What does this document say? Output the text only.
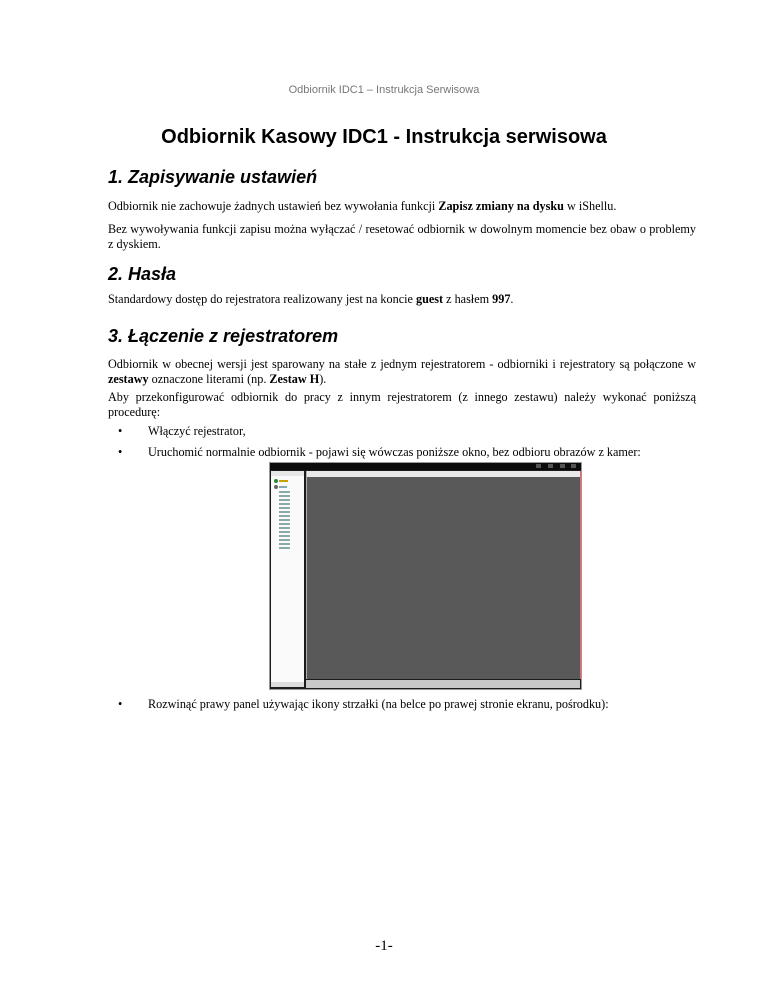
Odbiornik IDC1 – Instrukcja Serwisowa
Odbiornik Kasowy IDC1 - Instrukcja serwisowa
1. Zapisywanie ustawień

Odbiornik nie zachowuje żadnych ustawień bez wywołania funkcji Zapisz zmiany na dysku w iShellu.

Bez wywoływania funkcji zapisu można wyłączać / resetować odbiornik w dowolnym momencie bez obaw o problemy z dyskiem.

2. Hasła

Standardowy dostęp do rejestratora realizowany jest na koncie guest z hasłem 997.

3. Łączenie z rejestratorem

Odbiornik w obecnej wersji jest sparowany na stałe z jednym rejestratorem - odbiorniki i rejestratory są połączone w zestawy oznaczone literami (np. Zestaw H).

Aby przekonfigurować odbiornik do pracy z innym rejestratorem (z innego zestawu) należy wykonać poniższą procedurę:

• Włączyć rejestrator,
• Uruchomić normalnie odbiornik - pojawi się wówczas poniższe okno, bez odbioru obrazów z kamer:
• Rozwinąć prawy panel używając ikony strzałki (na belce po prawej stronie ekranu, pośrodku):
-1-
